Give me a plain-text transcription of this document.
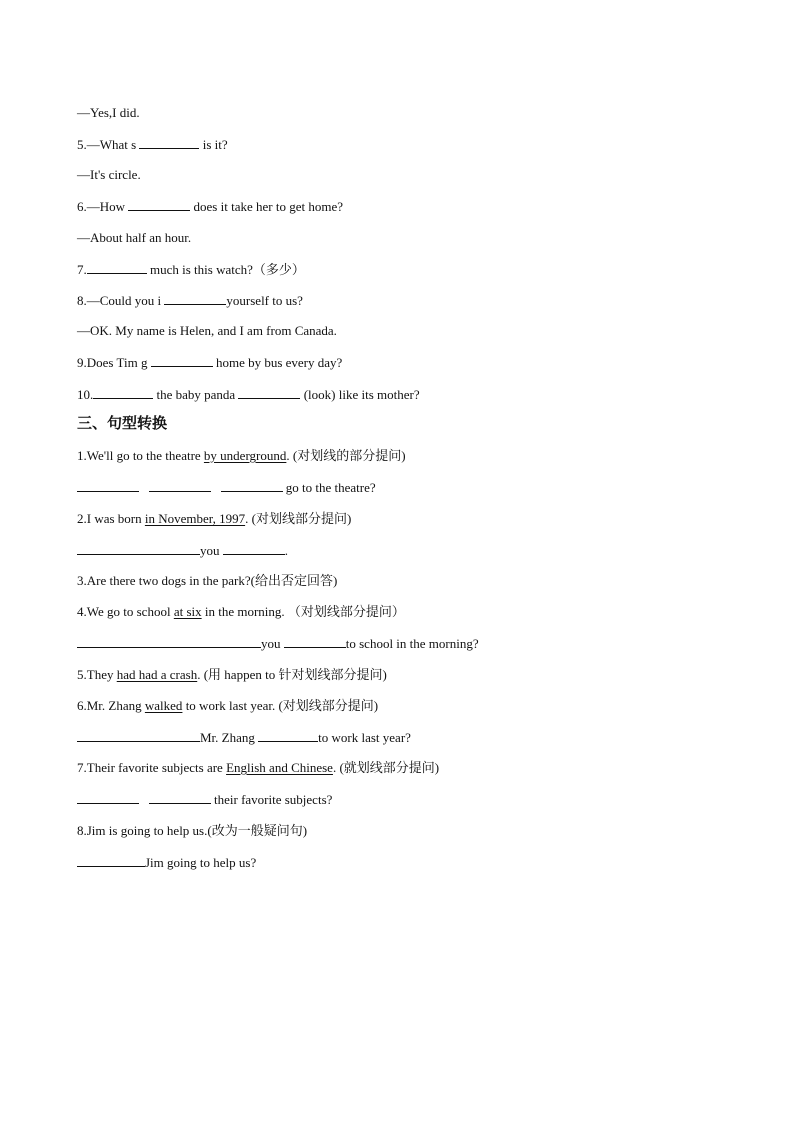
—Yes,I did.
5.—What s	is it?
—It's circle.
6.—How	does it take her to get home?
—About half an hour.
7.	much is this watch?（多少）
8.—Could you i	yourself to us?
—OK. My name is Helen, and I am from Canada.
9.Does Tim g	home by bus every day?
10.	the baby panda	(look) like its mother?
三、句型转换
1.We'll go to the theatre by underground. (对划线的部分提问)
go to the theatre?
2.I was born in November, 1997. (对划线部分提问)
you	.
3.Are there two dogs in the park?(给出否定回答)
4.We go to school at six in the morning. （对划线部分提问）
you	to school in the morning?
5.They had had a crash. (用 happen to 针对划线部分提问)
6.Mr. Zhang walked to work last year. (对划线部分提问)
Mr. Zhang	to work last year?
7.Their favorite subjects are English and Chinese. (就划线部分提问)
their favorite subjects?
8.Jim is going to help us.(改为一般疑问句)
Jim going to help us?
